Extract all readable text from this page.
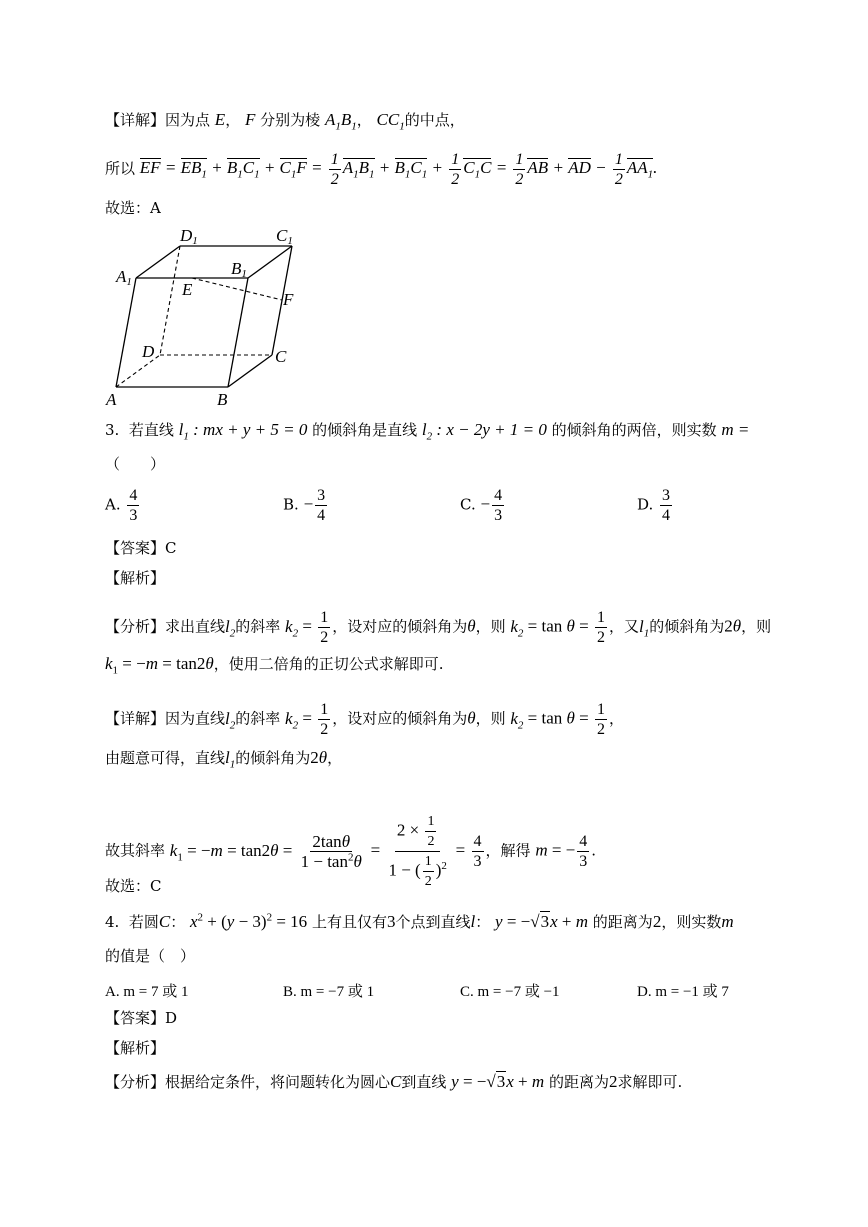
【详解】因为点 E， F 分别为棱 $A_1B_1$， $CC_1$的中点，
所以 EF = $EB_1 + B_1C_1 + C_1F = \frac{1}{2} A_1B_1 + B_1C_1 + \frac{1}{2} C_1C = \frac{1}{2}$ AB + AD − $\frac{1}{2} AA_1$.
故选：A
D1	C1
A1
B1
E
F
D	C
A	B
3. 若直线 $l_1$ : mx + y + 5 = 0 的倾斜角是直线 $l_2$ : x − 2y + 1 = 0 的倾斜角的两倍，则实数 m =
（　　）
A. $\frac{4}{3}$	B. − $\frac{3}{4}$	C. − $\frac{4}{3}$	D. $\frac{3}{4}$
【答案】C
【解析】
【分析】求出直线$l_2$的斜率 $k_2 = \frac{1}{2}$ ，设对应的倾斜角为θ，则 $k_2 = \tan \theta = \frac{1}{2}$ ，又$l_1$的倾斜角为2θ，则
$k_1 = -m = \tan 2\theta$，使用二倍角的正切公式求解即可.
【详解】因为直线$l_2$的斜率 $k_2 = \frac{1}{2}$ ，设对应的倾斜角为θ，则 $k_2 = \tan \theta = \frac{1}{2}$ ，
由题意可得，直线$l_1$的倾斜角为2θ，
故其斜率 $k_1 = -m = \tan 2\theta = \frac{2\tan\theta}{1 - \tan^2\theta} = \frac{2 \times \frac{1}{2}}{1 - ( \frac{1}{2} )^2} = \frac{4}{3}$ ，解得 m = − $\frac{4}{3}$ .
故选：C
4. 若圆C： $x^2 + (y - 3)^2 = 16$ 上有且仅有3个点到直线l： y = −√3x + m 的距离为2，则实数m
的值是（　）
A. m = 7 或 1	B. m = −7 或 1	C. m = −7 或 −1	D. m = −1 或 7
【答案】D
【解析】
【分析】根据给定条件，将问题转化为圆心C到直线 y = −√3x + m 的距离为2求解即可.
